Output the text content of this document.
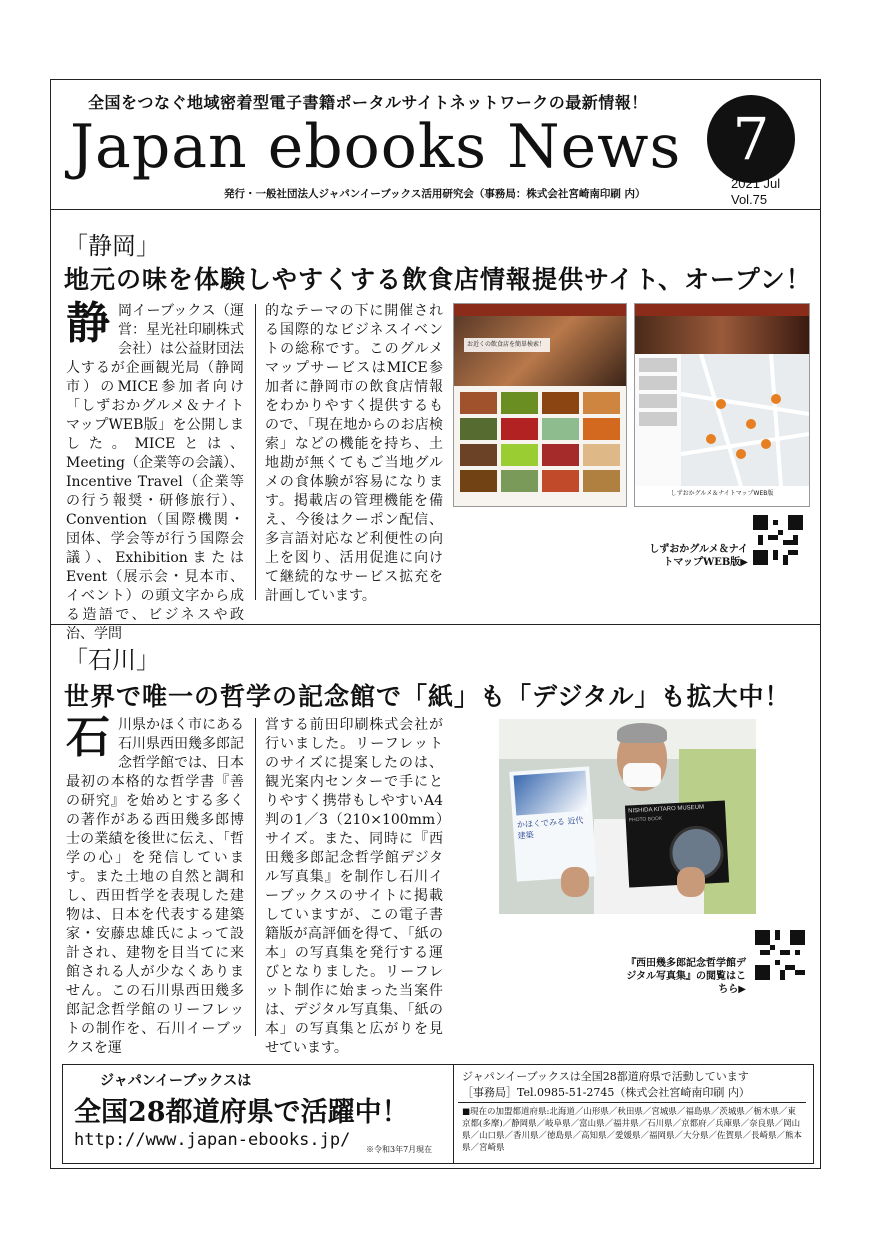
全国をつなぐ地域密着型電子書籍ポータルサイトネットワークの最新情報！
Japan ebooks News 7
2021 Jul
Vol.75
発行・一般社団法人ジャパンイーブックス活用研究会（事務局：株式会社宮崎南印刷 内）
「静岡」
地元の味を体験しやすくする飲食店情報提供サイト、オープン！
静 岡イーブックス（運営：星光社印刷株式会社）は公益財団法人するが企画観光局（静岡市）のMICE参加者向け「しずおかグルメ＆ナイトマップWEB版」を公開しました。MICEとは、Meeting（企業等の会議）、Incentive Travel（企業等の行う報奨・研修旅行）、Convention（国際機関・団体、学会等が行う国際会議）、Exhibitionまたは Event（展示会・見本市、イベント）の頭文字から成る造語で、ビジネスや政治、学問
的なテーマの下に開催される国際的なビジネスイベントの総称です。このグルメマップサービスはMICE参加者に静岡市の飲食店情報をわかりやすく提供するもので、「現在地からのお店検索」などの機能を持ち、土地勘が無くてもご当地グルメの食体験が容易になります。掲載店の管理機能を備え、今後はクーポン配信、多言語対応など利便性の向上を図り、活用促進に向けて継続的なサービス拡充を計画しています。
お近くの飲食店を簡単検索！
しずおかグルメ＆ナイトマップWEB版
しずおかグルメ＆ナイトマップWEB版▶
「石川」
世界で唯一の哲学の記念館で「紙」も「デジタル」も拡大中！
石 川県かほく市にある石川県西田幾多郎記念哲学館では、日本最初の本格的な哲学書『善の研究』を始めとする多くの著作がある西田幾多郎博士の業績を後世に伝え、「哲学の心」を発信しています。また土地の自然と調和し、西田哲学を表現した建物は、日本を代表する建築家・安藤忠雄氏によって設計され、建物を目当てに来館される人が少なくありません。この石川県西田幾多郎記念哲学館のリーフレットの制作を、石川イーブックスを運
営する前田印刷株式会社が行いました。リーフレットのサイズに提案したのは、観光案内センターで手にとりやすく携帯もしやすいA4判の1／3（210×100mm）サイズ。また、同時に『西田幾多郎記念哲学館デジタル写真集』を制作し石川イーブックスのサイトに掲載していますが、この電子書籍版が高評価を得て、「紙の本」の写真集を発行する運びとなりました。リーフレット制作に始まった当案件は、デジタル写真集、「紙の本」の写真集と広がりを見せています。
かほくでみる 近代建築
NISHIDA KITARO MUSEUM
PHOTO BOOK
『西田幾多郎記念哲学館デジタル写真集』の閲覧はこちら▶
ジャパンイーブックスは
全国28都道府県で活躍中！
http://www.japan-ebooks.jp/ ※令和3年7月現在
ジャパンイーブックスは全国28都道府県で活動しています
［事務局］Tel.0985-51-2745（株式会社宮崎南印刷 内）
■現在の加盟都道府県:北海道／山形県／秋田県／宮城県／福島県／茨城県／栃木県／東京都(多摩)／静岡県／岐阜県／富山県／福井県／石川県／京都府／兵庫県／奈良県／岡山県／山口県／香川県／徳島県／高知県／愛媛県／福岡県／大分県／佐賀県／長崎県／熊本県／宮崎県
